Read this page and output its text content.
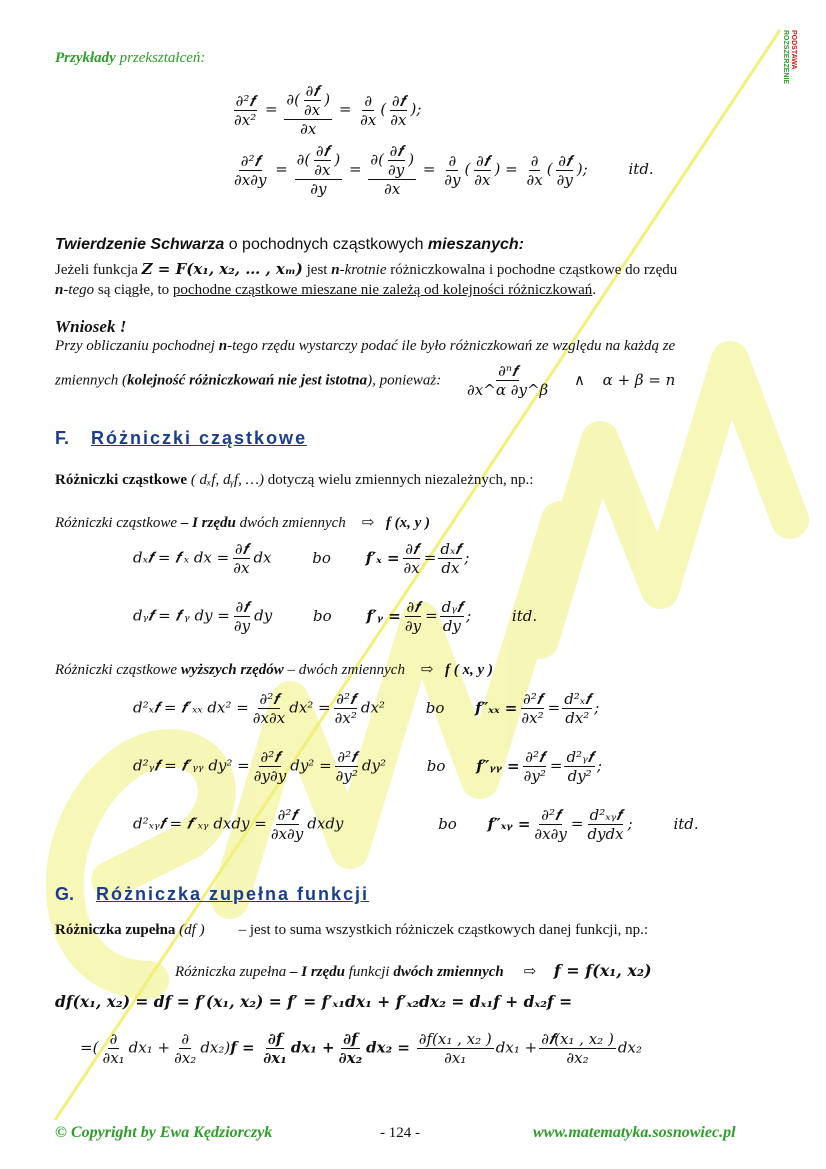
PODSTAWA
ROZSZERZENIE
Przykłady przekształceń:
$\frac{\text{∂²𝒇}}{\text{∂x²}} = \frac{\partial( \frac{\text{∂𝒇}}{\partial x} )}{\partial x} = \frac{\partial}{\partial x}$ ( $\frac{\text{∂𝒇}}{\partial x}$ );
$\frac{\text{∂²𝒇}}{\partial x\partial y} = \frac{\partial( \frac{\text{∂𝒇}}{\partial x} )}{\partial y} = \frac{\partial( \frac{\text{∂𝒇}}{\partial y} )}{\partial x} = \frac{\partial}{\partial y}$ ( $\frac{\text{∂𝒇}}{\partial x}$ ) = $\frac{\partial}{\partial x}$ ( $\frac{\text{∂𝒇}}{\partial y}$ );	itd.
Twierdzenie Schwarza o pochodnych cząstkowych mieszanych:
Jeżeli funkcja 𝒁 = 𝑭(𝒙₁, 𝒙₂, … , 𝒙ₘ) jest n-krotnie różniczkowalna i pochodne cząstkowe do rzędu
n-tego są ciągłe, to pochodne cząstkowe mieszane nie zależą od kolejności różniczkowań.
Wniosek !
Przy obliczaniu pochodnej n-tego rzędu wystarczy podać ile było różniczkowań ze względu na każdą ze
zmiennych (kolejność różniczkowań nie jest istotna), ponieważ: $\frac{\text{∂ⁿ𝒇}}{\partial x\^{}\alpha \partial y\^{}\beta}$ ∧ α + β = n
F. Różniczki cząstkowe
Różniczki cząstkowe ( dₓf, dᵧf, …) dotyczą wielu zmiennych niezależnych, np.:
Różniczki cząstkowe – I rzędu dwóch zmiennych ⇨ f (x, y )
dₓ𝒇 = 𝒇′ₓ dx = $\frac{\text{∂𝒇}}{\partial x}$ dx	bo 𝒇′ₓ = $\frac{\text{∂𝒇}}{\partial x} = \frac{\text{dₓ𝒇}}{dx}$ ;
dᵧ𝒇 = 𝒇′ᵧ dy = $\frac{\text{∂𝒇}}{\partial y}$ dy	bo 𝒇′ᵧ = $\frac{\text{∂𝒇}}{\partial y} = \frac{\text{dᵧ𝒇}}{dy}$ ;	itd.
Różniczki cząstkowe wyższych rzędów – dwóch zmiennych ⇨ f ( x, y )
d²ₓ𝒇 = 𝒇″ₓₓ $dx^2 = \frac{\text{∂²𝒇}}{\partial x\partial x} dx^2 = \frac{\text{∂²𝒇}}{\text{∂x²}} dx^2$	bo 𝒇″ₓₓ = $\frac{\text{∂²𝒇}}{\text{∂x²}} = \frac{\text{d²ₓ𝒇}}{\text{dx²}}$ ;
d²ᵧ𝒇 = 𝒇″ᵧᵧ $dy^2 = \frac{\text{∂²𝒇}}{\partial y\partial y} dy^2 = \frac{\text{∂²𝒇}}{\text{∂y²}} dy^2$	bo 𝒇″ᵧᵧ = $\frac{\text{∂²𝒇}}{\text{∂y²}} = \frac{\text{d²ᵧ𝒇}}{\text{dy²}}$ ;
d²ₓᵧ𝒇 = 𝒇″ₓᵧ dxdy = $\frac{\text{∂²𝒇}}{\partial x\partial y}$ dxdy	bo 𝒇″ₓᵧ = $\frac{\text{∂²𝒇}}{\partial x\partial y} = \frac{\text{d²ₓᵧ𝒇}}{\text{dydx}}$ ;	itd.
G. Różniczka zupełna funkcji
Różniczka zupełna (df ) – jest to suma wszystkich różniczek cząstkowych danej funkcji, np.:
Różniczka zupełna – I rzędu funkcji dwóch zmiennych ⇨ 𝒇 = 𝒇(𝒙₁, 𝒙₂)
𝒅𝒇(𝒙₁, 𝒙₂) = 𝒅𝒇 = 𝒇′(𝒙₁, 𝒙₂) = 𝒇′ = 𝒇′ₓ₁𝒅𝒙₁ + 𝒇′ₓ₂𝒅𝒙₂ = dₓ₁f + dₓ₂f =
=( $\frac{\partial}{\text{∂x₁}} dx_1 + \frac{\partial}{\text{∂x₂}}$ dx₂)𝒇 = $\frac{\text{∂𝒇}}{\text{∂𝒙₁}}$ 𝒅𝒙₁ + $\frac{\text{∂𝒇}}{\text{∂𝒙₂}}$ 𝒅𝒙₂ = $\frac{\text{∂f(x₁ , x₂ )}}{\text{∂x₁}} dx_1 + \frac{\text{∂𝒇(x₁ , x₂ )}}{\text{∂x₂}} dx_2$
© Copyright by Ewa Kędziorczyk	- 124 -	www.matematyka.sosnowiec.pl
